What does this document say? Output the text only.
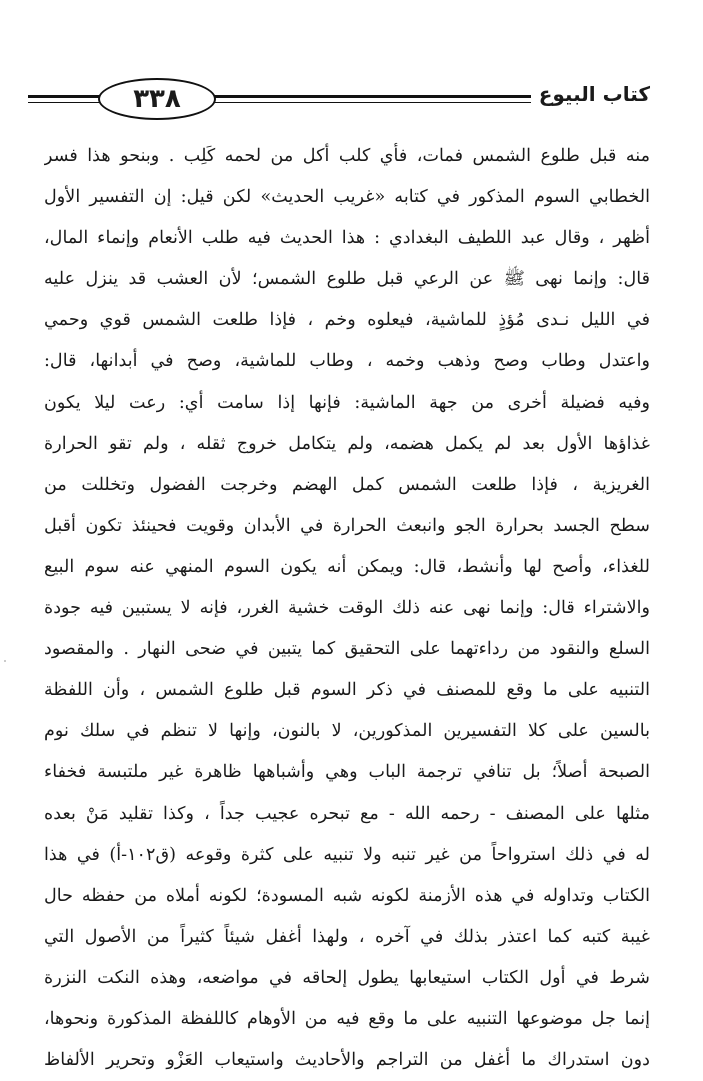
٣٣٨	كتاب البيوع
منه قبل طلوع الشمس فمات، فأي كلب أكل من لحمه كَلِب . وبنحو هذا فسر
الخطابي السوم المذكور في كتابه «غريب الحديث» لكن قيل: إن التفسير الأول
أظهر ، وقال عبد اللطيف البغدادي : هذا الحديث فيه طلب الأنعام وإنماء المال،
قال: وإنما نهى ﷺ عن الرعي قبل طلوع الشمس؛ لأن العشب قد ينزل عليه
في الليل نـدى مُؤذٍ للماشية، فيعلوه وخم ، فإذا طلعت الشمس قوي وحمي
واعتدل وطاب وصح وذهب وخمه ، وطاب للماشية، وصح في أبدانها، قال:
وفيه فضيلة أخرى من جهة الماشية: فإنها إذا سامت أي: رعت ليلا يكون
غذاؤها الأول بعد لم يكمل هضمه، ولم يتكامل خروج ثقله ، ولم تقو الحرارة
الغريزية ، فإذا طلعت الشمس كمل الهضم وخرجت الفضول وتخللت من
سطح الجسد بحرارة الجو وانبعث الحرارة في الأبدان وقويت فحينئذ تكون أقبل
للغذاء، وأصح لها وأنشط، قال: ويمكن أنه يكون السوم المنهي عنه سوم البيع
والاشتراء قال: وإنما نهى عنه ذلك الوقت خشية الغرر، فإنه لا يستبين فيه جودة
السلع والنقود من رداءتهما على التحقيق كما يتبين في ضحى النهار . والمقصود
التنبيه على ما وقع للمصنف في ذكر السوم قبل طلوع الشمس ، وأن اللفظة
بالسين على كلا التفسيرين المذكورين، لا بالنون، وإنها لا تنظم في سلك نوم
الصبحة أصلاً؛ بل تنافي ترجمة الباب وهي وأشباهها ظاهرة غير ملتبسة فخفاء
مثلها على المصنف - رحمه الله - مع تبحره عجيب جداً ، وكذا تقليد مَنْ بعده
له في ذلك استرواحاً من غير تنبه ولا تنبيه على كثرة وقوعه (ق١٠٢-أ) في هذا
الكتاب وتداوله في هذه الأزمنة لكونه شبه المسودة؛ لكونه أملاه من حفظه حال
غيبة كتبه كما اعتذر بذلك في آخره ، ولهذا أغفل شيئاً كثيراً من الأصول التي
شرط في أول الكتاب استيعابها يطول إلحاقه في مواضعه، وهذه النكت النزرة
إنما جل موضوعها التنبيه على ما وقع فيه من الأوهام كاللفظة المذكورة ونحوها،
دون استدراك ما أغفل من التراجم والأحاديث واستيعاب العَزْو وتحرير الألفاظ
